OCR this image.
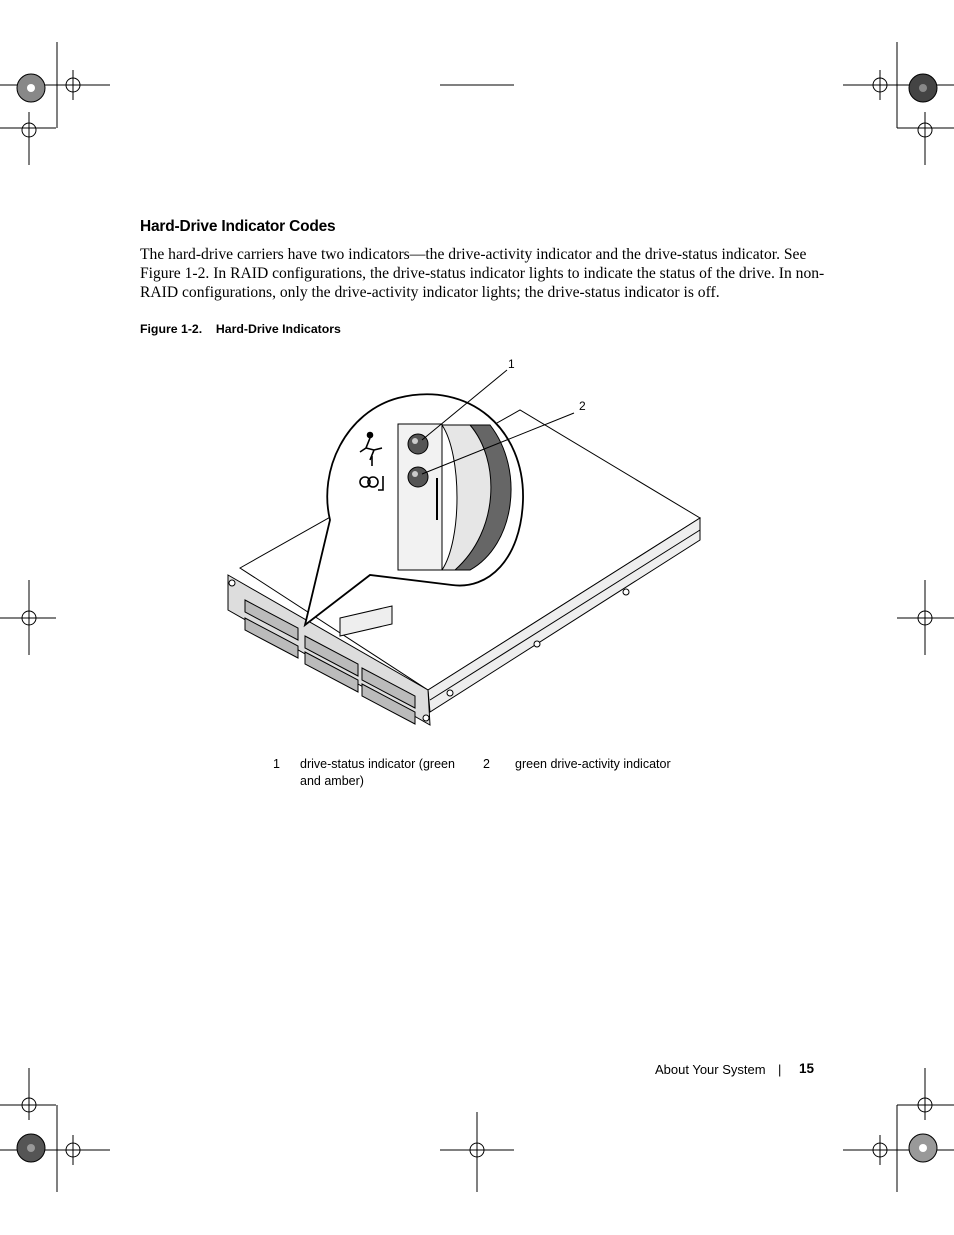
Hard-Drive Indicator Codes
The hard-drive carriers have two indicators—the drive-activity indicator and the drive-status indicator. See Figure 1-2. In RAID configurations, the drive-status indicator lights to indicate the status of the drive. In non-RAID configurations, only the drive-activity indicator lights; the drive-status indicator is off.
Figure 1-2.    Hard-Drive Indicators
1
2
1 drive-status indicator (green and amber)
2 green drive-activity indicator
About Your System | 15
